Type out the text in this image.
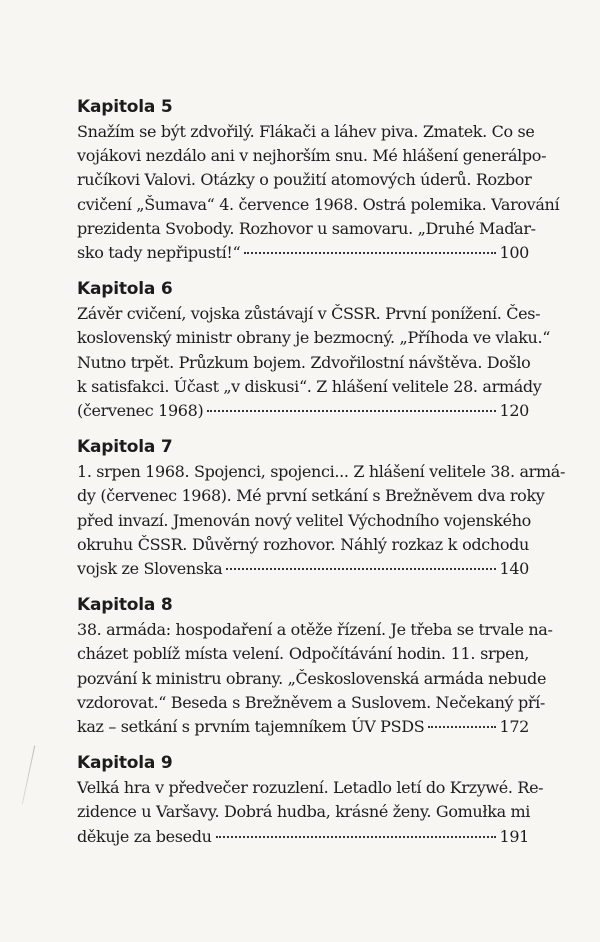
Kapitola 5

Snažím se být zdvořilý. Flákači a láhev piva. Zmatek. Co se
vojákovi nezdálo ani v nejhorším snu. Mé hlášení generálpo-
ručíkovi Valovi. Otázky o použití atomových úderů. Rozbor
cvičení „Šumava“ 4. července 1968. Ostrá polemika. Varování
prezidenta Svobody. Rozhovor u samovaru. „Druhé Maďar-
sko tady nepřipustí!“	100

Kapitola 6

Závěr cvičení, vojska zůstávají v ČSSR. První ponížení. Čes-
koslovenský ministr obrany je bezmocný. „Příhoda ve vlaku.“
Nutno trpět. Průzkum bojem. Zdvořilostní návštěva. Došlo
k satisfakci. Účast „v diskusi“. Z hlášení velitele 28. armády
(červenec 1968)	120

Kapitola 7

1. srpen 1968. Spojenci, spojenci... Z hlášení velitele 38. armá-
dy (červenec 1968). Mé první setkání s Brežněvem dva roky
před invazí. Jmenován nový velitel Východního vojenského
okruhu ČSSR. Důvěrný rozhovor. Náhlý rozkaz k odchodu
vojsk ze Slovenska	140

Kapitola 8

38. armáda: hospodaření a otěže řízení. Je třeba se trvale na-
cházet poblíž místa velení. Odpočítávání hodin. 11. srpen,
pozvání k ministru obrany. „Československá armáda nebude
vzdorovat.“ Beseda s Brežněvem a Suslovem. Nečekaný pří-
kaz – setkání s prvním tajemníkem ÚV PSDS	172

Kapitola 9

Velká hra v předvečer rozuzlení. Letadlo letí do Krzywé. Re-
zidence u Varšavy. Dobrá hudba, krásné ženy. Gomułka mi
děkuje za besedu	191
